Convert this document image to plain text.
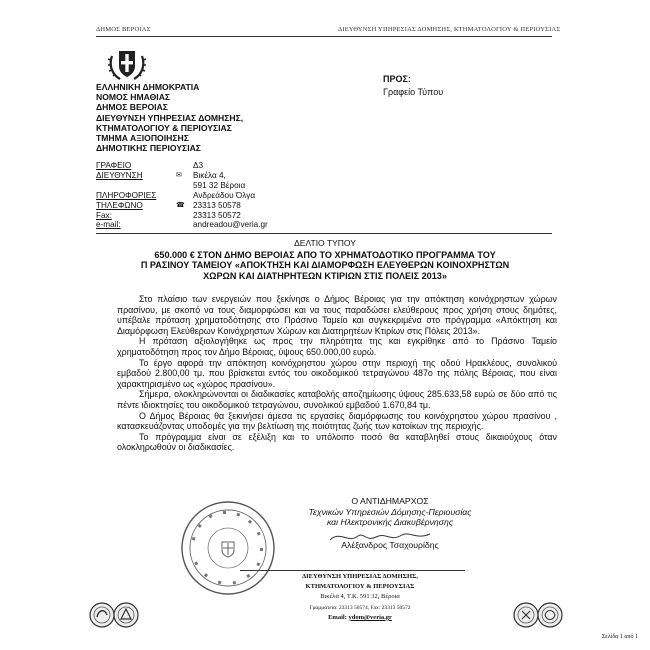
ΔΗΜΟΣ ΒΕΡΟΙΑΣ	ΔΙΕΥΘΥΝΣΗ ΥΠΗΡΕΣΙΑΣ ΔΟΜΗΣΗΣ, ΚΤΗΜΑΤΟΛΟΓΙΟΥ & ΠΕΡΙΟΥΣΙΑΣ
ΕΛΛΗΝΙΚΗ ΔΗΜΟΚΡΑΤΙΑ
ΝΟΜΟΣ ΗΜΑΘΙΑΣ
ΔΗΜΟΣ ΒΕΡΟΙΑΣ
ΔΙΕΥΘΥΝΣΗ ΥΠΗΡΕΣΙΑΣ ΔΟΜΗΣΗΣ,
ΚΤΗΜΑΤΟΛΟΓΙΟΥ & ΠΕΡΙΟΥΣΙΑΣ
ΤΜΗΜΑ ΑΞΙΟΠΟΙΗΣΗΣ
ΔΗΜΟΤΙΚΗΣ ΠΕΡΙΟΥΣΙΑΣ
ΠΡΟΣ:
Γραφείο Τύπου
ΓΡΑΦΕΙΟ	Δ3
ΔΙΕΥΘΥΝΣΗ	✉ Βικέλα 4,
591 32 Βέροια
ΠΛΗΡΟΦΟΡΙΕΣ	Ανδρεάδου Όλγα
ΤΗΛΕΦΩΝΟ	☎ 23313 50578
Fax:	23313 50572
e-mail:	andreadou@veria.gr
ΔΕΛΤΙΟ ΤΥΠΟΥ
650.000 € ΣΤΟΝ ΔΗΜΟ ΒΕΡΟΙΑΣ ΑΠΟ ΤΟ ΧΡΗΜΑΤΟΔΟΤΙΚΟ ΠΡΟΓΡΑΜΜΑ ΤΟΥ
Π ΡΑΣΙΝΟΥ ΤΑΜΕΙΟΥ «ΑΠΟΚΤΗΣΗ ΚΑΙ ΔΙΑΜΟΡΦΩΣΗ ΕΛΕΥΘΕΡΩΝ ΚΟΙΝΟΧΡΗΣΤΩΝ
ΧΩΡΩΝ ΚΑΙ ΔΙΑΤΗΡΗΤΕΩΝ ΚΤΙΡΙΩΝ ΣΤΙΣ ΠΟΛΕΙΣ 2013»

Στο πλαίσιο των ενεργειών που ξεκίνησε ο Δήμος Βέροιας για την απόκτηση κοινόχρηστων χώρων πρασίνου, με σκοπό να τους διαμορφώσει και να τους παραδώσει ελεύθερους προς χρήση στους δημότες, υπέβαλε πρόταση χρηματοδότησης στο Πράσινο Ταμείο και συγκεκριμένα στο πρόγραμμα «Απόκτηση και Διαμόρφωση Ελεύθερων Κοινόχρηστων Χώρων και Διατηρητέων Κτιρίων στις Πόλεις 2013».

Η πρόταση αξιολογήθηκε ως προς την πληρότητα της και εγκρίθηκε από το Πράσινο Ταμείο χρηματοδότηση προς τον Δήμο Βέροιας, ύψους 650.000,00 ευρώ.

Το έργο αφορά την απόκτηση κοινόχρηστου χώρου στην περιοχή της οδού Ηρακλέους, συνολικού εμβαδού 2.800,00 τμ. που βρίσκεται εντός του οικοδομικού τετραγώνου 487ο της πόλης Βέροιας, που είναι χαρακτηρισμένο ως «χώρος πρασίνου».

Σήμερα, ολοκληρώνονται οι διαδικασίες καταβολής αποζημίωσης ύψους 285.633,58 ευρώ σε δύο από τις πέντε ιδιοκτησίες του οικοδομικού τετραγώνου, συνολικού εμβαδού 1.670,84 τμ.

Ο Δήμος Βέροιας θα ξεκινήσει άμεσα τις εργασίες διαμόρφωσης του κοινόχρηστου χώρου πρασίνου , κατασκευάζοντας υποδομές για την βελτίωση της ποιότητας ζωής των κατοίκων της περιοχής.

Το πρόγραμμα είναι σε εξέλιξη και το υπόλοιπο ποσό θα καταβληθεί στους δικαιούχους όταν ολοκληρωθούν οι διαδικασίες.

Ο ΑΝΤΙΔΗΜΑΡΧΟΣ
Τεχνικών Υπηρεσιών Δόμησης-Περιουσίας
και Ηλεκτρονικής Διακυβέρνησης
Αλέξανδρος Τσαχουρίδης
ΔΙΕΥΘΥΝΣΗ ΥΠΗΡΕΣΙΑΣ ΔΟΜΗΣΗΣ,
ΚΤΗΜΑΤΟΛΟΓΙΟΥ & ΠΕΡΙΟΥΣΙΑΣ
Βικέλα 4, Τ.Κ. 591 32, Βέροια
Γραμματεία: 23313 50574, Fax: 23313 50572
Email: ydom@veria.gr
Σελίδα 1 από 1
